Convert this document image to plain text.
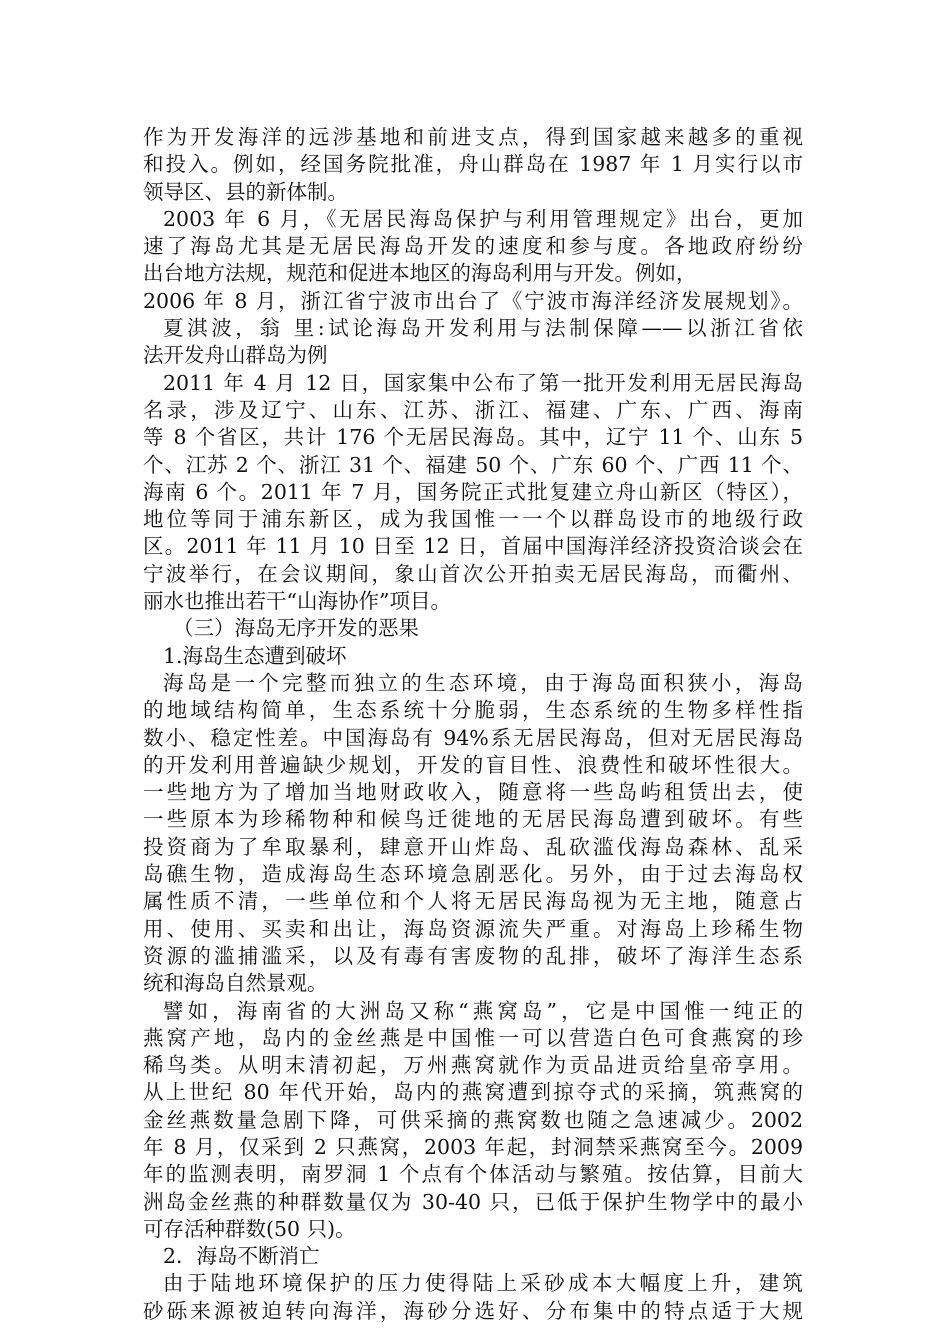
作为开发海洋的远涉基地和前进支点，得到国家越来越多的重视
和投入。例如，经国务院批准，舟山群岛在 1987 年 1 月实行以市
领导区、县的新体制。
2003 年 6 月，《无居民海岛保护与利用管理规定》出台，更加
速了海岛尤其是无居民海岛开发的速度和参与度。各地政府纷纷
出台地方法规，规范和促进本地区的海岛利用与开发。例如，
2006 年 8 月，浙江省宁波市出台了《宁波市海洋经济发展规划》。
夏淇波，翁 里:试论海岛开发利用与法制保障——以浙江省依
法开发舟山群岛为例
2011 年 4 月 12 日，国家集中公布了第一批开发利用无居民海岛
名录，涉及辽宁、山东、江苏、浙江、福建、广东、广西、海南
等 8 个省区，共计 176 个无居民海岛。其中，辽宁 11 个、山东 5
个、江苏 2 个、浙江 31 个、福建 50 个、广东 60 个、广西 11 个、
海南 6 个。2011 年 7 月，国务院正式批复建立舟山新区（特区），
地位等同于浦东新区，成为我国惟一一个以群岛设市的地级行政
区。2011 年 11 月 10 日至 12 日，首届中国海洋经济投资洽谈会在
宁波举行，在会议期间，象山首次公开拍卖无居民海岛，而衢州、
丽水也推出若干“山海协作”项目。
（三）海岛无序开发的恶果
1.海岛生态遭到破坏
海岛是一个完整而独立的生态环境，由于海岛面积狭小，海岛
的地域结构简单，生态系统十分脆弱，生态系统的生物多样性指
数小、稳定性差。中国海岛有 94%系无居民海岛，但对无居民海岛
的开发利用普遍缺少规划，开发的盲目性、浪费性和破坏性很大。
一些地方为了增加当地财政收入，随意将一些岛屿租赁出去，使
一些原本为珍稀物种和候鸟迁徙地的无居民海岛遭到破坏。有些
投资商为了牟取暴利，肆意开山炸岛、乱砍滥伐海岛森林、乱采
岛礁生物，造成海岛生态环境急剧恶化。另外，由于过去海岛权
属性质不清，一些单位和个人将无居民海岛视为无主地，随意占
用、使用、买卖和出让，海岛资源流失严重。对海岛上珍稀生物
资源的滥捕滥采，以及有毒有害废物的乱排，破坏了海洋生态系
统和海岛自然景观。
譬如，海南省的大洲岛又称“燕窝岛”，它是中国惟一纯正的
燕窝产地，岛内的金丝燕是中国惟一可以营造白色可食燕窝的珍
稀鸟类。从明末清初起，万州燕窝就作为贡品进贡给皇帝享用。
从上世纪 80 年代开始，岛内的燕窝遭到掠夺式的采摘，筑燕窝的
金丝燕数量急剧下降，可供采摘的燕窝数也随之急速减少。2002
年 8 月，仅采到 2 只燕窝，2003 年起，封洞禁采燕窝至今。2009
年的监测表明，南罗洞 1 个点有个体活动与繁殖。按估算，目前大
洲岛金丝燕的种群数量仅为 30-40 只，已低于保护生物学中的最小
可存活种群数(50 只)。
2．海岛不断消亡
由于陆地环境保护的压力使得陆上采砂成本大幅度上升，建筑
砂砾来源被迫转向海洋，海砂分选好、分布集中的特点适于大规
